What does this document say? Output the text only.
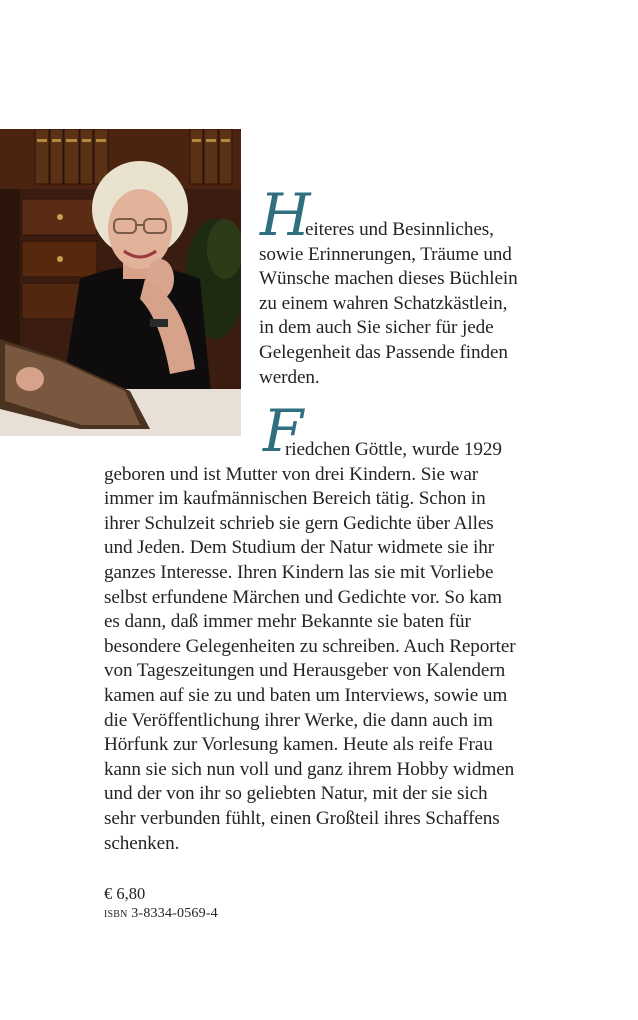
H
eiteres und Besinnliches,
sowie Erinnerungen, Träume und
Wünsche machen dieses Büchlein
zu einem wahren Schatzkästlein,
in dem auch Sie sicher für jede
Gelegenheit das Passende finden
werden.
F
riedchen Göttle, wurde 1929
geboren und ist Mutter von drei Kindern. Sie war
immer im kaufmännischen Bereich tätig. Schon in
ihrer Schulzeit schrieb sie gern Gedichte über Alles
und Jeden. Dem Studium der Natur widmete sie ihr
ganzes Interesse. Ihren Kindern las sie mit Vorliebe
selbst erfundene Märchen und Gedichte vor. So kam
es dann, daß immer mehr Bekannte sie baten für
besondere Gelegenheiten zu schreiben. Auch Reporter
von Tageszeitungen und Herausgeber von Kalendern
kamen auf sie zu und baten um Interviews, sowie um
die Veröffentlichung ihrer Werke, die dann auch im
Hörfunk zur Vorlesung kamen. Heute als reife Frau
kann sie sich nun voll und ganz ihrem Hobby widmen
und der von ihr so geliebten Natur, mit der sie sich
sehr verbunden fühlt, einen Großteil ihres Schaffens
schenken.
€ 6,80
isbn 3-8334-0569-4
